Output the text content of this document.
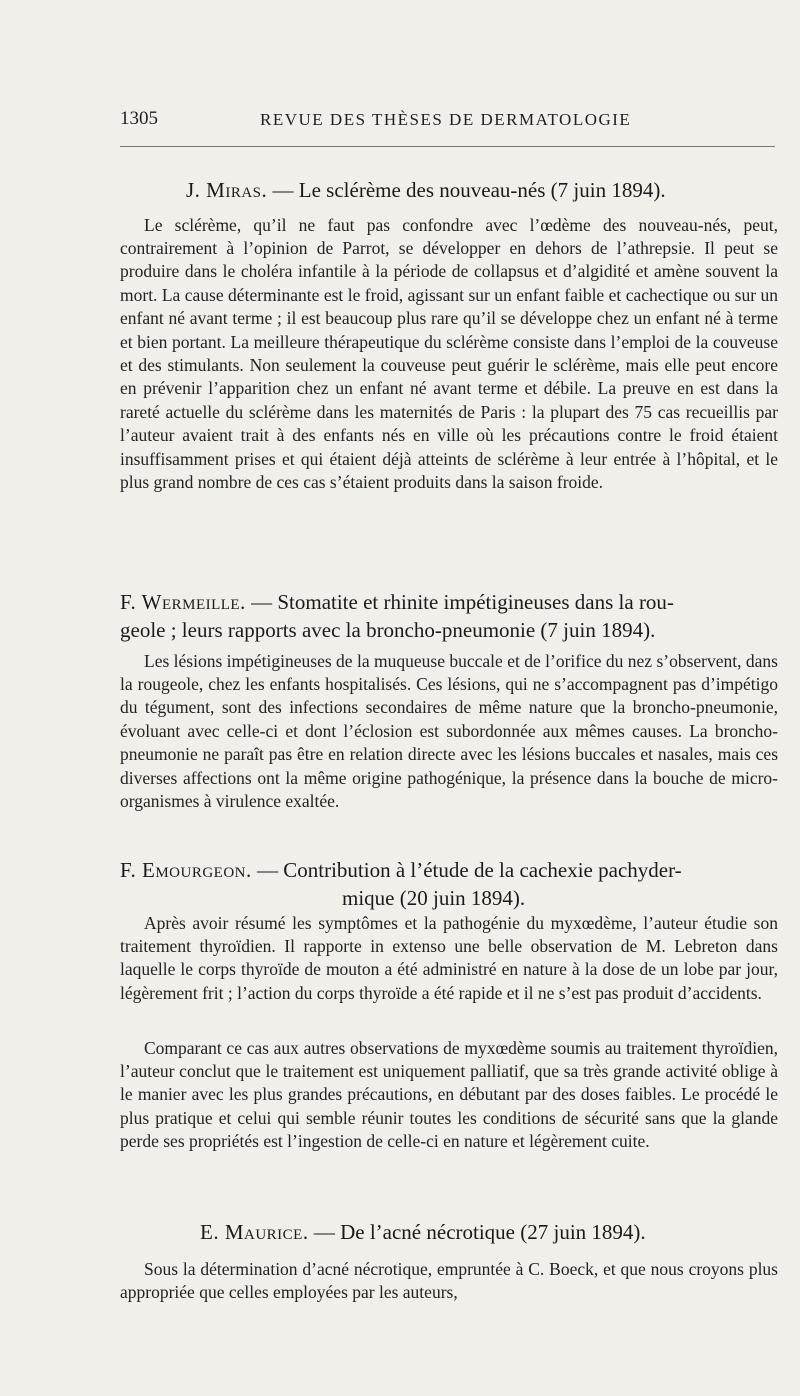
1305	REVUE DES THÈSES DE DERMATOLOGIE
J. Miras. — Le sclérème des nouveau-nés (7 juin 1894).

Le sclérème, qu’il ne faut pas confondre avec l’œdème des nouveau-nés, peut, contrairement à l’opinion de Parrot, se développer en dehors de l’athrepsie. Il peut se produire dans le choléra infantile à la période de collapsus et d’algidité et amène souvent la mort. La cause déterminante est le froid, agissant sur un enfant faible et cachectique ou sur un enfant né avant terme ; il est beaucoup plus rare qu’il se développe chez un enfant né à terme et bien portant. La meilleure thérapeutique du sclérème consiste dans l’emploi de la couveuse et des stimulants. Non seulement la couveuse peut guérir le sclérème, mais elle peut encore en prévenir l’apparition chez un enfant né avant terme et débile. La preuve en est dans la rareté actuelle du sclérème dans les maternités de Paris : la plupart des 75 cas recueillis par l’auteur avaient trait à des enfants nés en ville où les précautions contre le froid étaient insuffisamment prises et qui étaient déjà atteints de sclérème à leur entrée à l’hôpital, et le plus grand nombre de ces cas s’étaient produits dans la saison froide.

F. Wermeille. — Stomatite et rhinite impétigineuses dans la rou-
geole ; leurs rapports avec la broncho-pneumonie (7 juin 1894).

Les lésions impétigineuses de la muqueuse buccale et de l’orifice du nez s’observent, dans la rougeole, chez les enfants hospitalisés. Ces lésions, qui ne s’accompagnent pas d’impétigo du tégument, sont des infections secondaires de même nature que la broncho-pneumonie, évoluant avec celle-ci et dont l’éclosion est subordonnée aux mêmes causes. La broncho-pneumonie ne paraît pas être en relation directe avec les lésions buccales et nasales, mais ces diverses affections ont la même origine pathogénique, la présence dans la bouche de micro-organismes à virulence exaltée.

F. Emourgeon. — Contribution à l’étude de la cachexie pachyder-
mique (20 juin 1894).

Après avoir résumé les symptômes et la pathogénie du myxœdème, l’auteur étudie son traitement thyroïdien. Il rapporte in extenso une belle observation de M. Lebreton dans laquelle le corps thyroïde de mouton a été administré en nature à la dose de un lobe par jour, légèrement frit ; l’action du corps thyroïde a été rapide et il ne s’est pas produit d’accidents.

Comparant ce cas aux autres observations de myxœdème soumis au traitement thyroïdien, l’auteur conclut que le traitement est uniquement palliatif, que sa très grande activité oblige à le manier avec les plus grandes précautions, en débutant par des doses faibles. Le procédé le plus pratique et celui qui semble réunir toutes les conditions de sécurité sans que la glande perde ses propriétés est l’ingestion de celle-ci en nature et légèrement cuite.

E. Maurice. — De l’acné nécrotique (27 juin 1894).

Sous la détermination d’acné nécrotique, empruntée à C. Boeck, et que nous croyons plus appropriée que celles employées par les auteurs,
